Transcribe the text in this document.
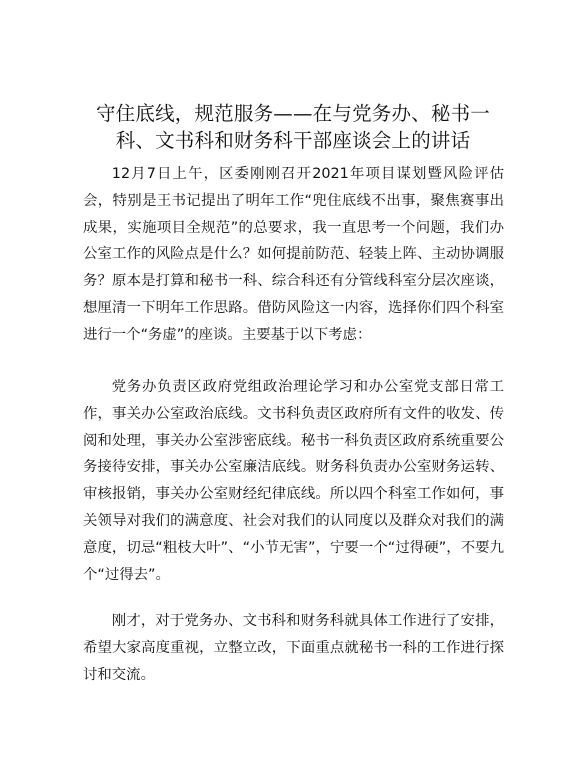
守住底线，规范服务——在与党务办、秘书一科、文书科和财务科干部座谈会上的讲话

12月7日上午，区委刚刚召开2021年项目谋划暨风险评估会，特别是王书记提出了明年工作“兜住底线不出事，聚焦赛事出成果，实施项目全规范”的总要求，我一直思考一个问题，我们办公室工作的风险点是什么？如何提前防范、轻装上阵、主动协调服务？原本是打算和秘书一科、综合科还有分管线科室分层次座谈，想厘清一下明年工作思路。借防风险这一内容，选择你们四个科室进行一个“务虚”的座谈。主要基于以下考虑：

党务办负责区政府党组政治理论学习和办公室党支部日常工作，事关办公室政治底线。文书科负责区政府所有文件的收发、传阅和处理，事关办公室涉密底线。秘书一科负责区政府系统重要公务接待安排，事关办公室廉洁底线。财务科负责办公室财务运转、审核报销，事关办公室财经纪律底线。所以四个科室工作如何，事关领导对我们的满意度、社会对我们的认同度以及群众对我们的满意度，切忌“粗枝大叶”、“小节无害”，宁要一个“过得硬”，不要九个“过得去”。

刚才，对于党务办、文书科和财务科就具体工作进行了安排，希望大家高度重视，立整立改，下面重点就秘书一科的工作进行探讨和交流。
